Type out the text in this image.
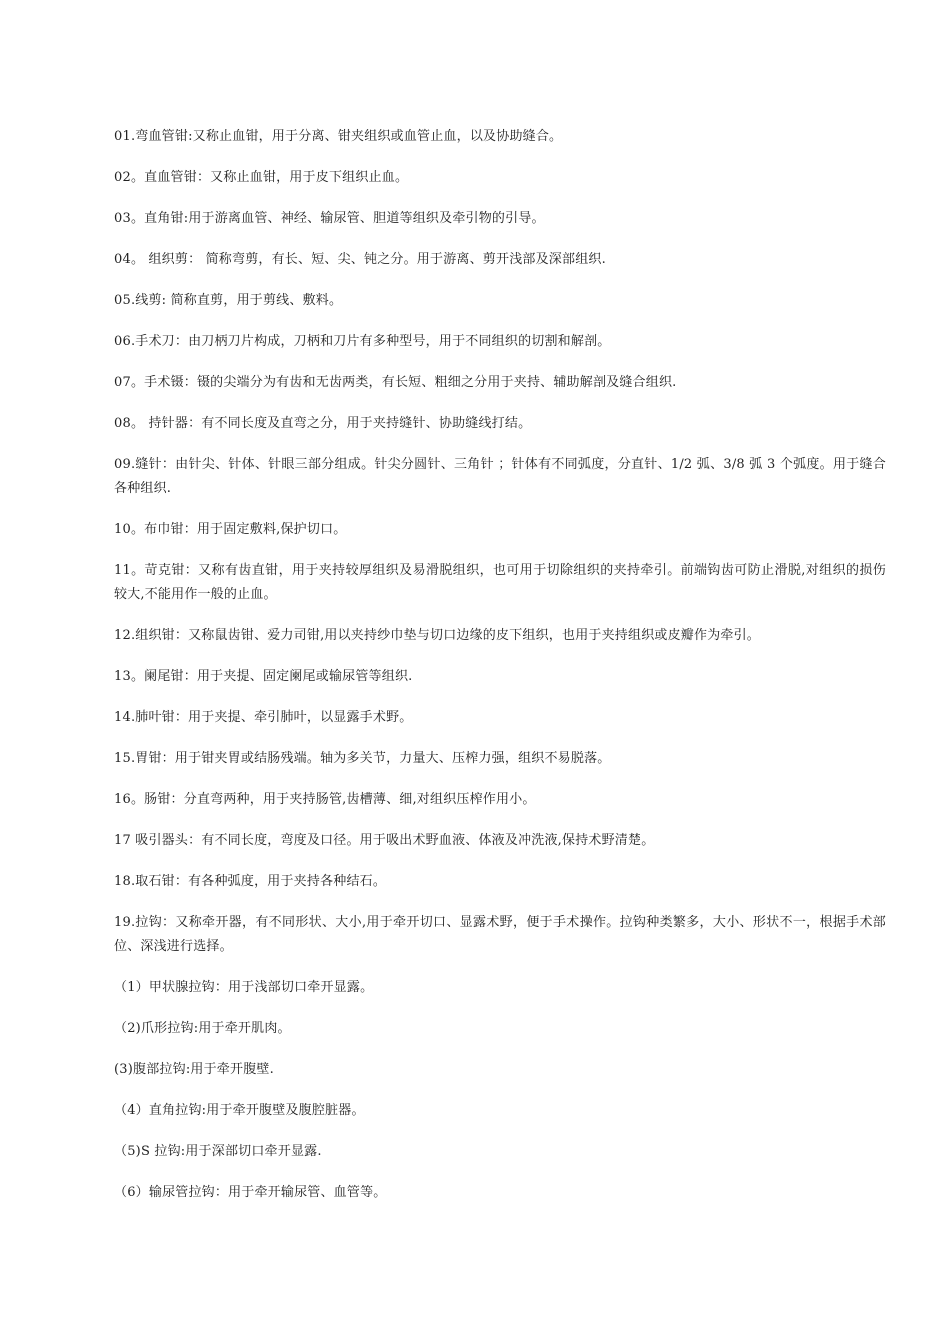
01.弯血管钳:又称止血钳，用于分离、钳夹组织或血管止血，以及协助缝合。

02。直血管钳：又称止血钳，用于皮下组织止血。

03。直角钳:用于游离血管、神经、输尿管、胆道等组织及牵引物的引导。

04。 组织剪： 简称弯剪，有长、短、尖、钝之分。用于游离、剪开浅部及深部组织.

05.线剪: 简称直剪，用于剪线、敷料。

06.手术刀：由刀柄刀片构成，刀柄和刀片有多种型号，用于不同组织的切割和解剖。

07。手术镊：镊的尖端分为有齿和无齿两类，有长短、粗细之分用于夹持、辅助解剖及缝合组织.

08。 持针器：有不同长度及直弯之分，用于夹持缝针、协助缝线打结。

09.缝针：由针尖、针体、针眼三部分组成。针尖分圆针、三角针 ；针体有不同弧度，分直针、1/2 弧、3/8 弧 3 个弧度。用于缝合各种组织.

10。布巾钳：用于固定敷料,保护切口。

11。苛克钳：又称有齿直钳，用于夹持较厚组织及易滑脱组织，也可用于切除组织的夹持牵引。前端钩齿可防止滑脱,对组织的损伤较大,不能用作一般的止血。

12.组织钳：又称鼠齿钳、爱力司钳,用以夹持纱巾垫与切口边缘的皮下组织，也用于夹持组织或皮瓣作为牵引。

13。阑尾钳：用于夹提、固定阑尾或输尿管等组织.

14.肺叶钳：用于夹提、牵引肺叶，以显露手术野。

15.胃钳：用于钳夹胃或结肠残端。轴为多关节，力量大、压榨力强，组织不易脱落。

16。肠钳：分直弯两种，用于夹持肠管,齿槽薄、细,对组织压榨作用小。

17 吸引器头：有不同长度，弯度及口径。用于吸出术野血液、体液及冲洗液,保持术野清楚。

18.取石钳：有各种弧度，用于夹持各种结石。

19.拉钩：又称牵开器，有不同形状、大小,用于牵开切口、显露术野，便于手术操作。拉钩种类繁多，大小、形状不一，根据手术部位、深浅进行选择。

（1）甲状腺拉钩：用于浅部切口牵开显露。

（2)爪形拉钩:用于牵开肌肉。

(3)腹部拉钩:用于牵开腹壁.

（4）直角拉钩:用于牵开腹壁及腹腔脏器。

（5)S 拉钩:用于深部切口牵开显露.

（6）输尿管拉钩：用于牵开输尿管、血管等。
